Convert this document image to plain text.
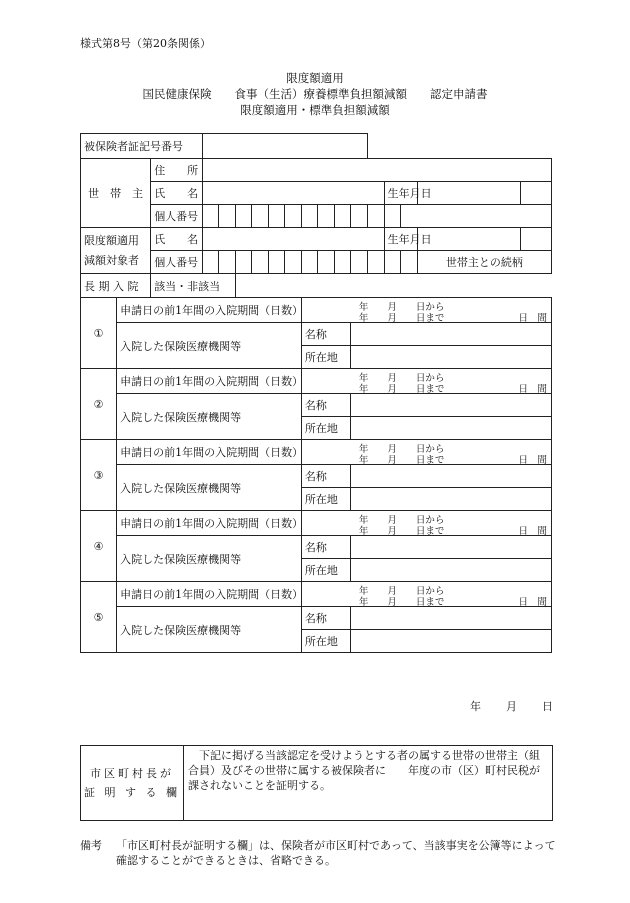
様式第8号（第20条関係）
限度額適用
国民健康保険　　食事（生活）療養標準負担額減額　　認定申請書
限度額適用・標準負担額減額
被保険者証記号番号																	
世　帯　主		住　　所															
		氏　　名												生年月日			
		個人番号															
限度額適用
減額対象者		氏　　名												生年月日			
		個人番号														世帯主との続柄	
長 期 入 院		該当・非該当															
①	申請日の前1年間の入院期間（日数）								年　　月　　日から
年　　月　　日まで 日　間								

	入院した保険医療機関等								名称								
									所在地								
②	申請日の前1年間の入院期間（日数）								年　　月　　日から
年　　月　　日まで 日　間								

	入院した保険医療機関等								名称								
									所在地								
③	申請日の前1年間の入院期間（日数）								年　　月　　日から
年　　月　　日まで 日　間								

	入院した保険医療機関等								名称								
									所在地								
④	申請日の前1年間の入院期間（日数）								年　　月　　日から
年　　月　　日まで 日　間								

	入院した保険医療機関等								名称								
									所在地								
⑤	申請日の前1年間の入院期間（日数）								年　　月　　日から
年　　月　　日まで 日　間								

	入院した保険医療機関等								名称								
									所在地								
年　　月　　日
市区町村長が
証 明 す る 欄	　下記に掲げる当該認定を受けようとする者の属する世帯の世帯主（組合員）及びその世帯に属する被保険者に　　年度の市（区）町村民税が課されないことを証明する。
備考 「市区町村長が証明する欄」は、保険者が市区町村であって、当該事実を公簿等によって確認することができるときは、省略できる。
